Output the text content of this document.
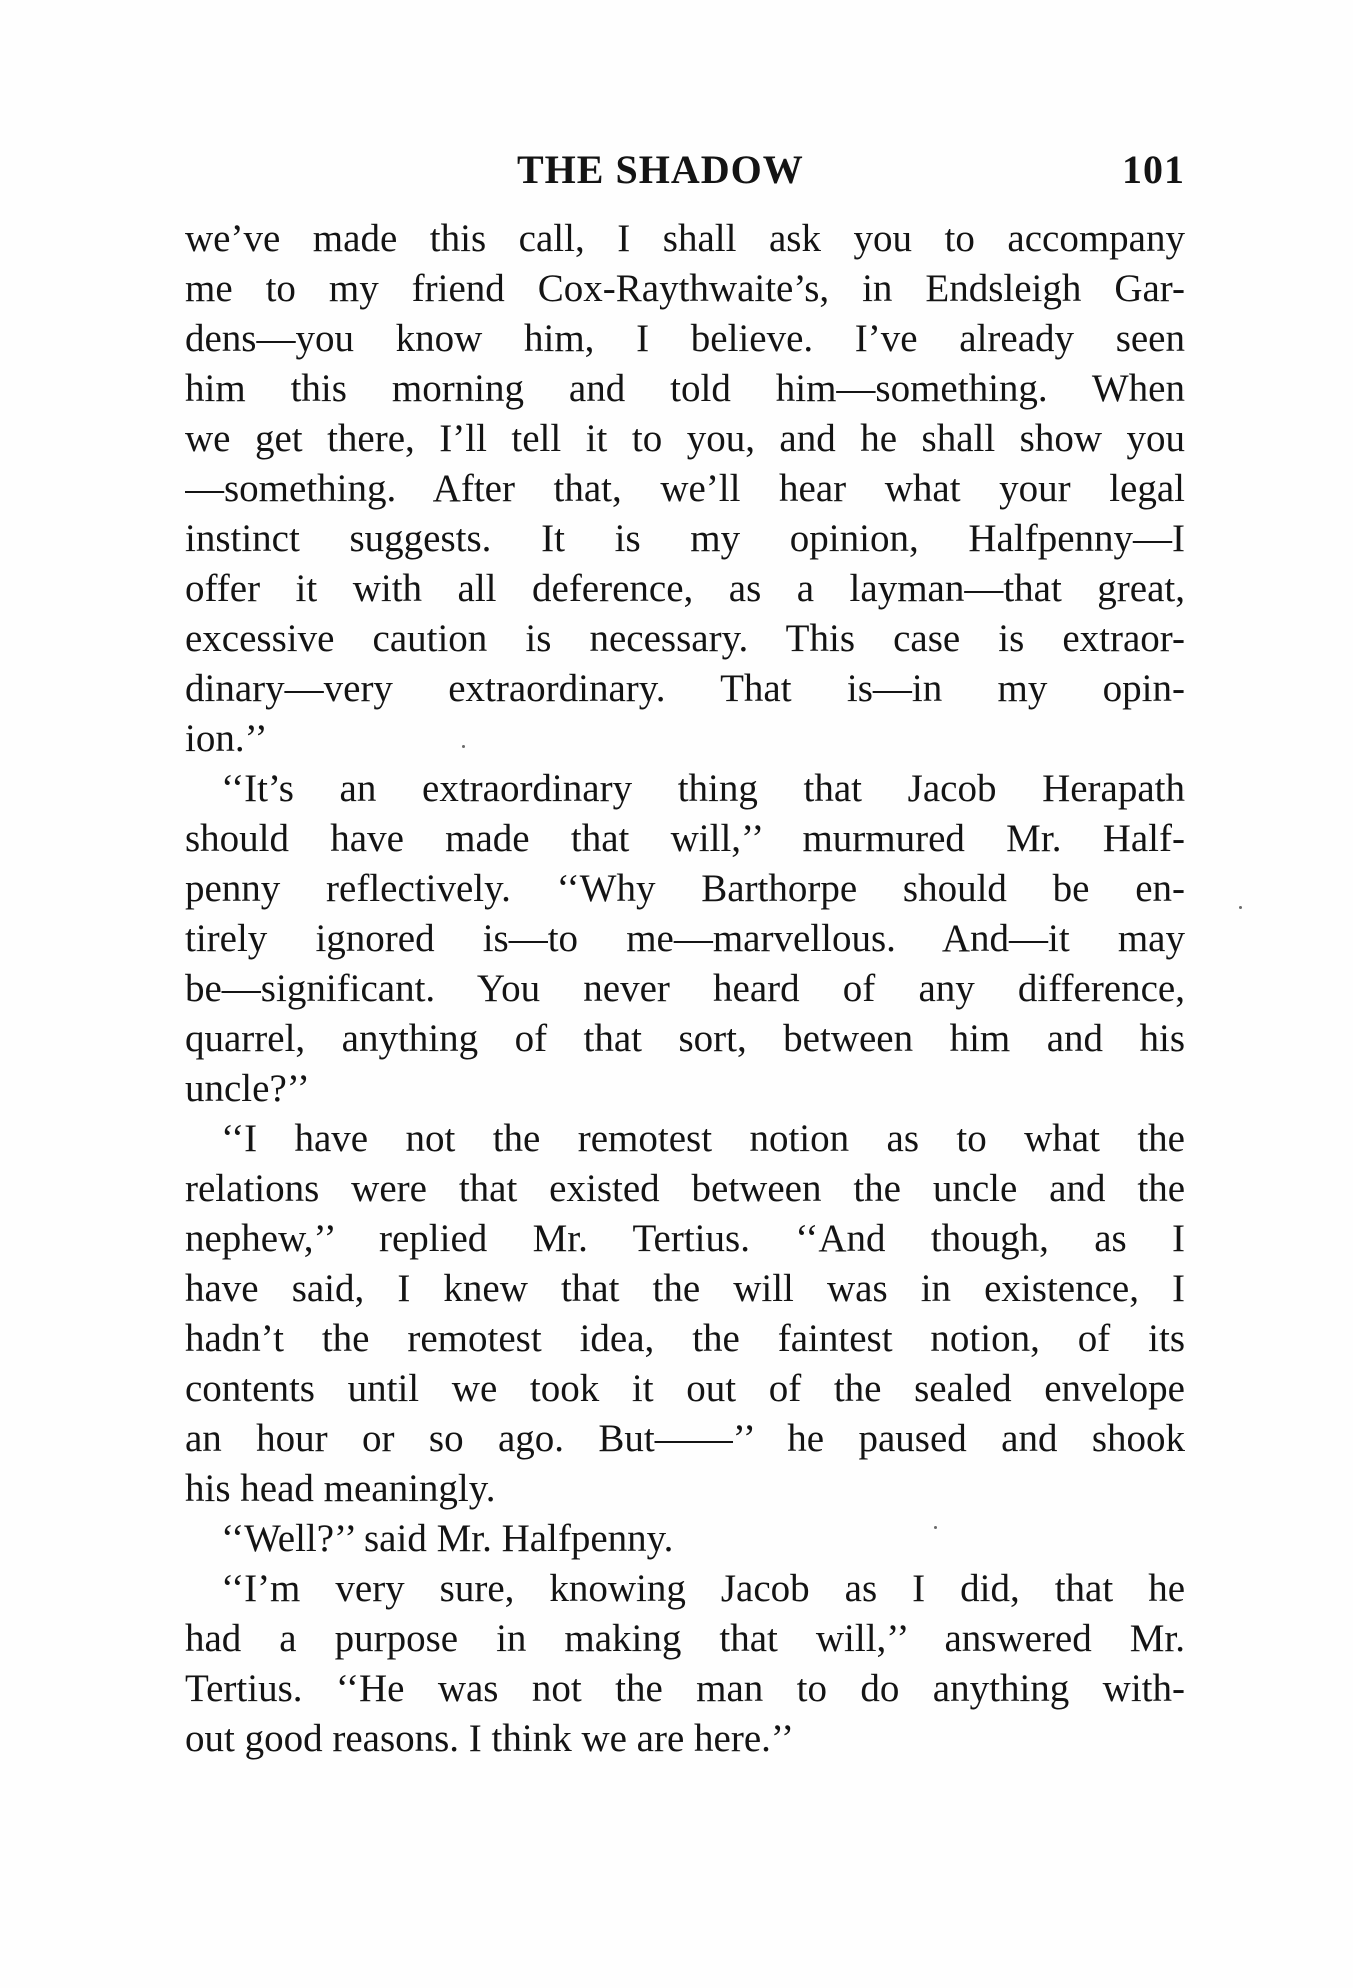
THE SHADOW	101
we’ve made this call, I shall ask you to accompany
me to my friend Cox-Raythwaite’s, in Endsleigh Gar-
dens—you know him, I believe. I’ve already seen
him this morning and told him—something. When
we get there, I’ll tell it to you, and he shall show you
—something. After that, we’ll hear what your legal
instinct suggests. It is my opinion, Halfpenny—I
offer it with all deference, as a layman—that great,
excessive caution is necessary. This case is extraor-
dinary—very extraordinary. That is—in my opin-
ion.’’
‘‘It’s an extraordinary thing that Jacob Herapath
should have made that will,’’ murmured Mr. Half-
penny reflectively. ‘‘Why Barthorpe should be en-
tirely ignored is—to me—marvellous. And—it may
be—significant. You never heard of any difference,
quarrel, anything of that sort, between him and his
uncle?’’
‘‘I have not the remotest notion as to what the
relations were that existed between the uncle and the
nephew,’’ replied Mr. Tertius. ‘‘And though, as I
have said, I knew that the will was in existence, I
hadn’t the remotest idea, the faintest notion, of its
contents until we took it out of the sealed envelope
an hour or so ago. But——’’ he paused and shook
his head meaningly.
‘‘Well?’’ said Mr. Halfpenny.
‘‘I’m very sure, knowing Jacob as I did, that he
had a purpose in making that will,’’ answered Mr.
Tertius. ‘‘He was not the man to do anything with-
out good reasons. I think we are here.’’
